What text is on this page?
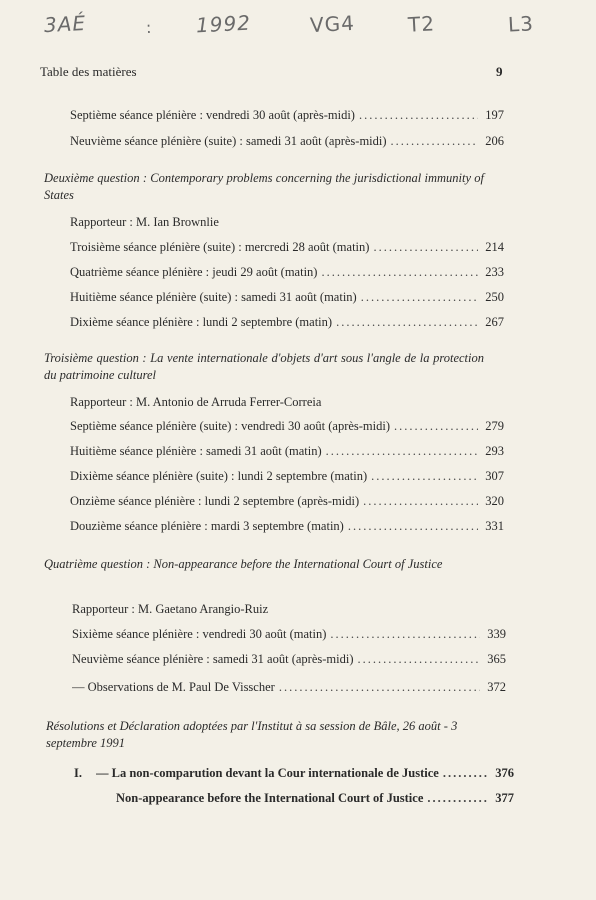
3AÉ	: 1992	VG4	T2	L3
Table des matières	9
Septième séance plénière : vendredi 30 août (après-midi) .....	197
Neuvième séance plénière (suite) : samedi 31 août (après-midi) .....	206
Deuxième question : Contemporary problems concerning the jurisdictional immunity of States
Rapporteur : M. Ian Brownlie
Troisième séance plénière (suite) : mercredi 28 août (matin) .....	214
Quatrième séance plénière : jeudi 29 août (matin) .....	233
Huitième séance plénière (suite) : samedi 31 août (matin) .....	250
Dixième séance plénière : lundi 2 septembre (matin) .....	267
Troisième question : La vente internationale d'objets d'art sous l'angle de la protection du patrimoine culturel
Rapporteur : M. Antonio de Arruda Ferrer-Correia
Septième séance plénière (suite) : vendredi 30 août (après-midi) .....	279
Huitième séance plénière : samedi 31 août (matin) .....	293
Dixième séance plénière (suite) : lundi 2 septembre (matin) .....	307
Onzième séance plénière : lundi 2 septembre (après-midi) .....	320
Douzième séance plénière : mardi 3 septembre (matin) .....	331
Quatrième question : Non-appearance before the International Court of Justice
Rapporteur : M. Gaetano Arangio-Ruiz
Sixième séance plénière : vendredi 30 août (matin) .....	339
Neuvième séance plénière : samedi 31 août (après-midi) .....	365
— Observations de M. Paul De Visscher .....	372
Résolutions et Déclaration adoptées par l'Institut à sa session de Bâle, 26 août - 3 septembre 1991
I. — La non-comparution devant la Cour internationale de Justice .....	376
Non-appearance before the International Court of Justice .....	377
